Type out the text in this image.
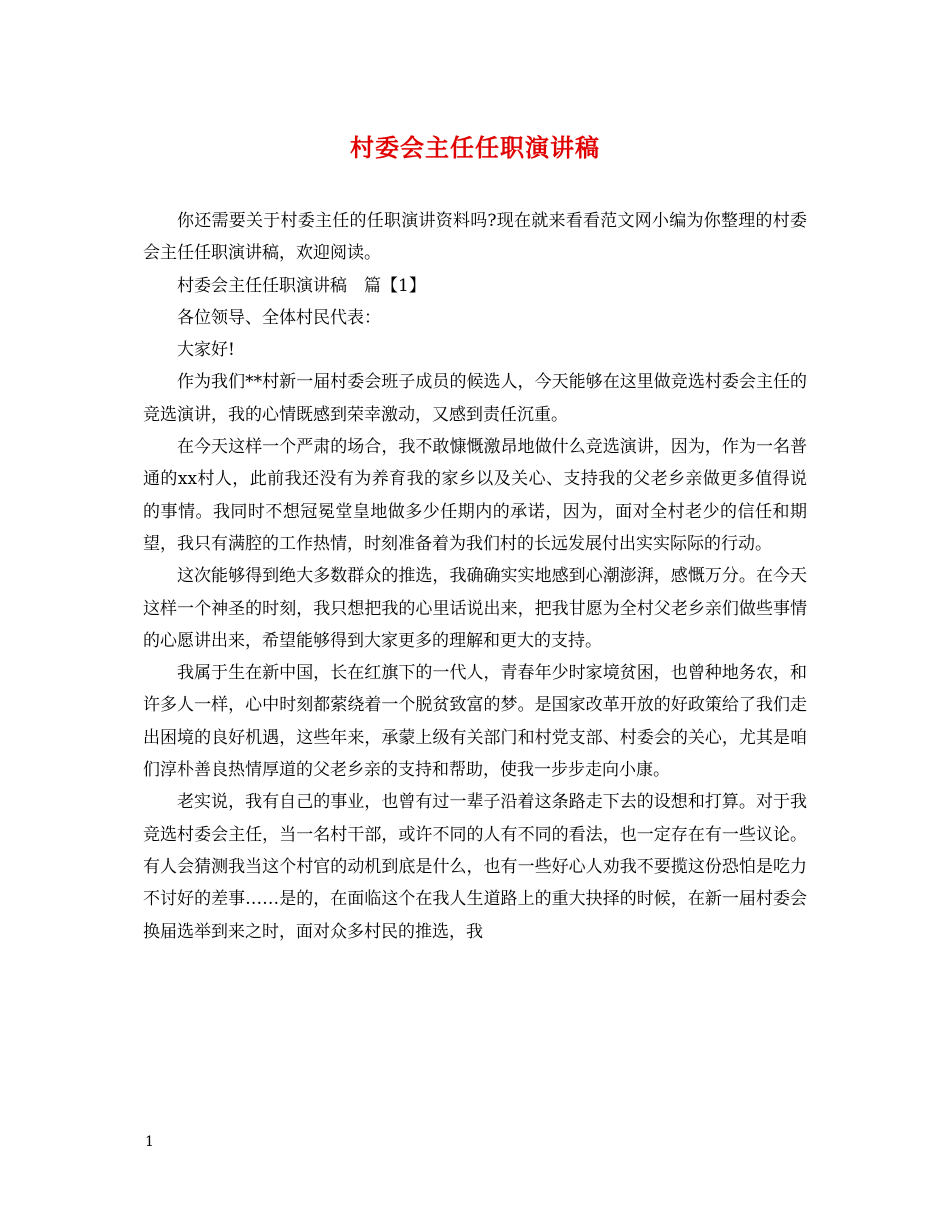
村委会主任任职演讲稿

你还需要关于村委主任的任职演讲资料吗?现在就来看看范文网小编为你整理的村委会主任任职演讲稿，欢迎阅读。

村委会主任任职演讲稿　篇【1】

各位领导、全体村民代表：

大家好!

作为我们**村新一届村委会班子成员的候选人，今天能够在这里做竞选村委会主任的竞选演讲，我的心情既感到荣幸激动，又感到责任沉重。

在今天这样一个严肃的场合，我不敢慷慨激昂地做什么竞选演讲，因为，作为一名普通的xx村人，此前我还没有为养育我的家乡以及关心、支持我的父老乡亲做更多值得说的事情。我同时不想冠冕堂皇地做多少任期内的承诺，因为，面对全村老少的信任和期望，我只有满腔的工作热情，时刻准备着为我们村的长远发展付出实实际际的行动。

这次能够得到绝大多数群众的推选，我确确实实地感到心潮澎湃，感慨万分。在今天这样一个神圣的时刻，我只想把我的心里话说出来，把我甘愿为全村父老乡亲们做些事情的心愿讲出来，希望能够得到大家更多的理解和更大的支持。

我属于生在新中国，长在红旗下的一代人，青春年少时家境贫困，也曾种地务农，和许多人一样，心中时刻都萦绕着一个脱贫致富的梦。是国家改革开放的好政策给了我们走出困境的良好机遇，这些年来，承蒙上级有关部门和村党支部、村委会的关心，尤其是咱们淳朴善良热情厚道的父老乡亲的支持和帮助，使我一步步走向小康。

老实说，我有自己的事业，也曾有过一辈子沿着这条路走下去的设想和打算。对于我竞选村委会主任，当一名村干部，或许不同的人有不同的看法，也一定存在有一些议论。有人会猜测我当这个村官的动机到底是什么，也有一些好心人劝我不要揽这份恐怕是吃力不讨好的差事……是的，在面临这个在我人生道路上的重大抉择的时候，在新一届村委会换届选举到来之时，面对众多村民的推选，我

1
